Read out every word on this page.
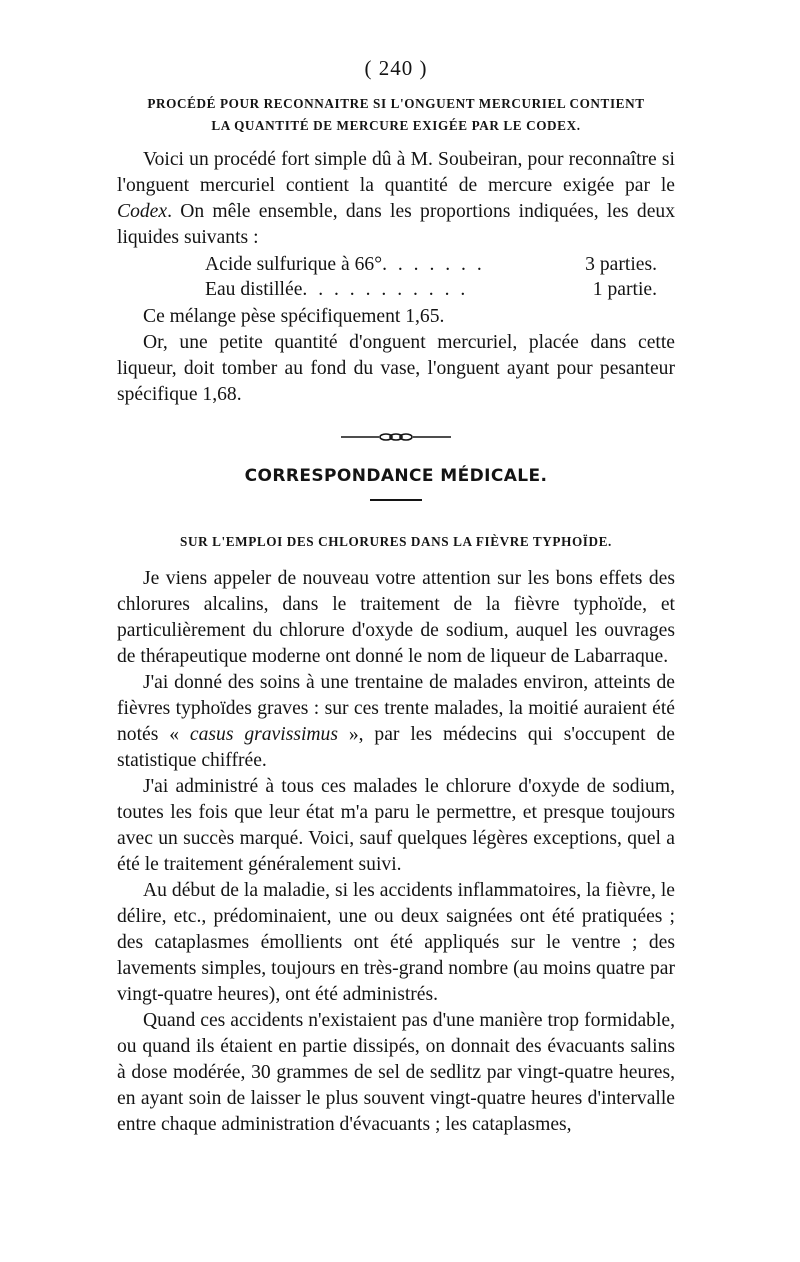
( 240 )
PROCÉDÉ POUR RECONNAITRE SI L'ONGUENT MERCURIEL CONTIENT
LA QUANTITÉ DE MERCURE EXIGÉE PAR LE CODEX.

Voici un procédé fort simple dû à M. Soubeiran, pour reconnaître si l'onguent mercuriel contient la quantité de mercure exigée par le Codex. On mêle ensemble, dans les proportions indiquées, les deux liquides suivants :

Acide sulfurique à 66°. . . . . . .	3 parties.
Eau distillée. . . . . . . . . . .	1 partie.

Ce mélange pèse spécifiquement 1,65.

Or, une petite quantité d'onguent mercuriel, placée dans cette liqueur, doit tomber au fond du vase, l'onguent ayant pour pesanteur spécifique 1,68.

CORRESPONDANCE MÉDICALE.
SUR L'EMPLOI DES CHLORURES DANS LA FIÈVRE TYPHOÏDE.

Je viens appeler de nouveau votre attention sur les bons effets des chlorures alcalins, dans le traitement de la fièvre typhoïde, et particulièrement du chlorure d'oxyde de sodium, auquel les ouvrages de thérapeutique moderne ont donné le nom de liqueur de Labarraque.

J'ai donné des soins à une trentaine de malades environ, atteints de fièvres typhoïdes graves : sur ces trente malades, la moitié auraient été notés « casus gravissimus », par les médecins qui s'occupent de statistique chiffrée.

J'ai administré à tous ces malades le chlorure d'oxyde de sodium, toutes les fois que leur état m'a paru le permettre, et presque toujours avec un succès marqué. Voici, sauf quelques légères exceptions, quel a été le traitement généralement suivi.

Au début de la maladie, si les accidents inflammatoires, la fièvre, le délire, etc., prédominaient, une ou deux saignées ont été pratiquées ; des cataplasmes émollients ont été appliqués sur le ventre ; des lavements simples, toujours en très-grand nombre (au moins quatre par vingt-quatre heures), ont été administrés.

Quand ces accidents n'existaient pas d'une manière trop formidable, ou quand ils étaient en partie dissipés, on donnait des évacuants salins à dose modérée, 30 grammes de sel de sedlitz par vingt-quatre heures, en ayant soin de laisser le plus souvent vingt-quatre heures d'intervalle entre chaque administration d'évacuants ; les cataplasmes,
